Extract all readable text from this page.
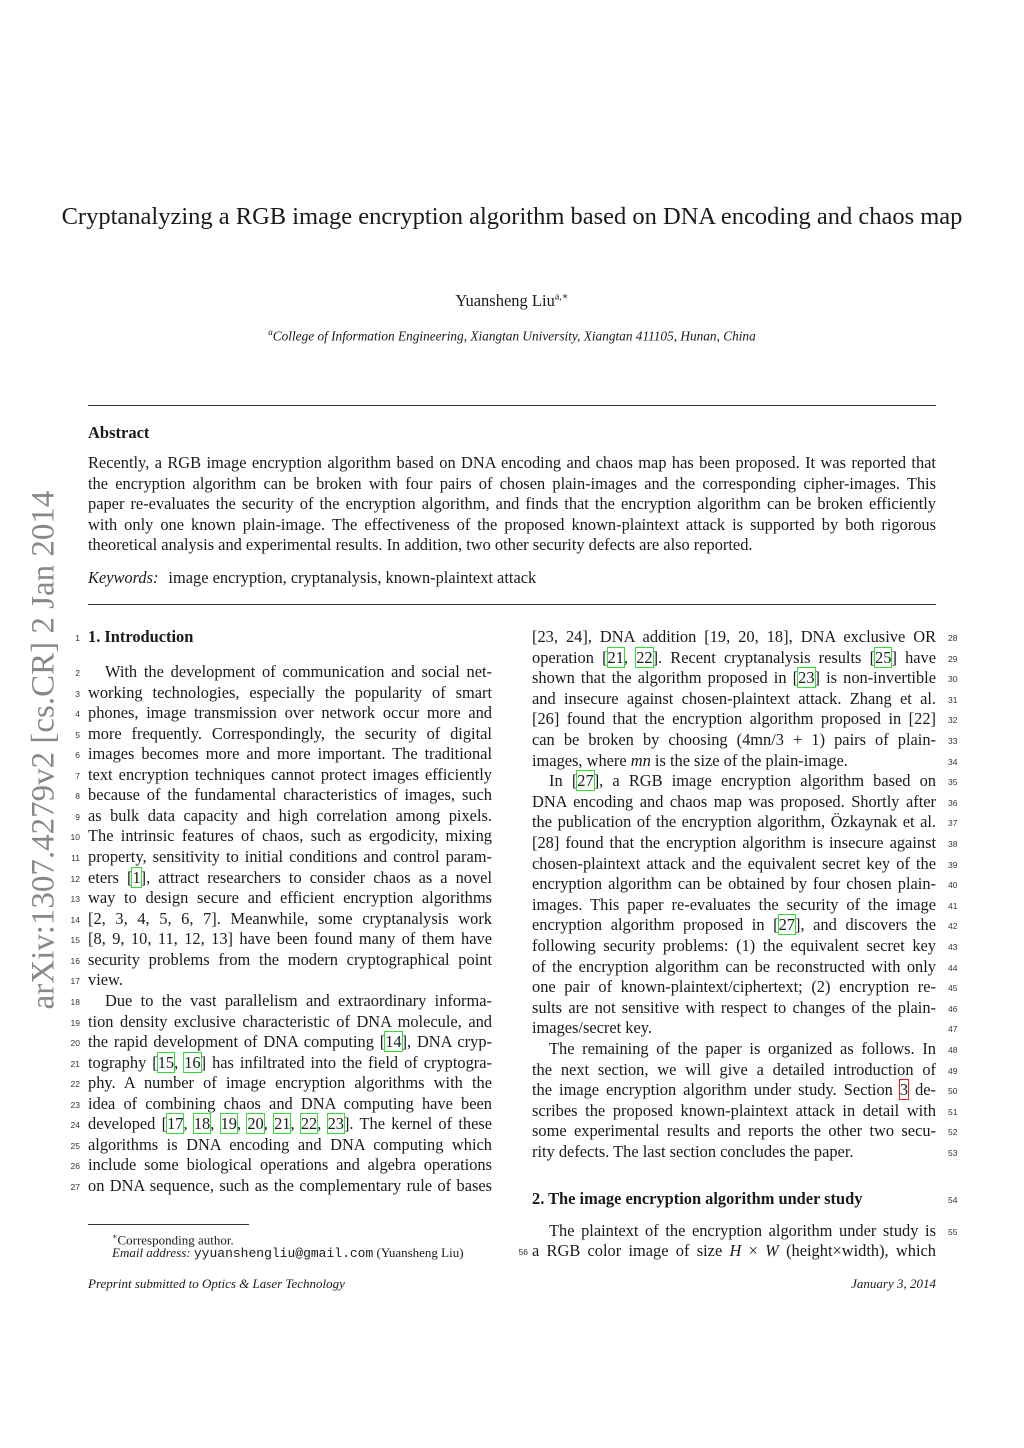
arXiv:1307.4279v2 [cs.CR] 2 Jan 2014
Cryptanalyzing a RGB image encryption algorithm based on DNA encoding and chaos map
Yuansheng Liu$^{a,∗}$
$^a$College of Information Engineering, Xiangtan University, Xiangtan 411105, Hunan, China
Abstract
Recently, a RGB image encryption algorithm based on DNA encoding and chaos map has been proposed. It was reported that
the encryption algorithm can be broken with four pairs of chosen plain-images and the corresponding cipher-images. This
paper re-evaluates the security of the encryption algorithm, and finds that the encryption algorithm can be broken efficiently
with only one known plain-image. The effectiveness of the proposed known-plaintext attack is supported by both rigorous
theoretical analysis and experimental results. In addition, two other security defects are also reported.
Keywords: image encryption, cryptanalysis, known-plaintext attack
1. Introduction
1
With the development of communication and social net-
2
working technologies, especially the popularity of smart
3
phones, image transmission over network occur more and
4
more frequently. Correspondingly, the security of digital
5
images becomes more and more important. The traditional
6
text encryption techniques cannot protect images efficiently
7
because of the fundamental characteristics of images, such
8
as bulk data capacity and high correlation among pixels.
9
The intrinsic features of chaos, such as ergodicity, mixing
10
property, sensitivity to initial conditions and control param-
11
eters [1], attract researchers to consider chaos as a novel
12
way to design secure and efficient encryption algorithms
13
[2, 3, 4, 5, 6, 7]. Meanwhile, some cryptanalysis work
14
[8, 9, 10, 11, 12, 13] have been found many of them have
15
security problems from the modern cryptographical point
16
view.
17
Due to the vast parallelism and extraordinary informa-
18
tion density exclusive characteristic of DNA molecule, and
19
the rapid development of DNA computing [14], DNA cryp-
20
tography [15, 16] has infiltrated into the field of cryptogra-
21
phy. A number of image encryption algorithms with the
22
idea of combining chaos and DNA computing have been
23
developed [17, 18, 19, 20, 21, 22, 23]. The kernel of these
24
algorithms is DNA encoding and DNA computing which
25
include some biological operations and algebra operations
26
on DNA sequence, such as the complementary rule of bases
27
[23, 24], DNA addition [19, 20, 18], DNA exclusive OR 28
operation [21, 22]. Recent cryptanalysis results [25] have 29
shown that the algorithm proposed in [23] is non-invertible 30
and insecure against chosen-plaintext attack. Zhang et al. 31
[26] found that the encryption algorithm proposed in [22] 32
can be broken by choosing (4mn/3 + 1) pairs of plain- 33
images, where mn is the size of the plain-image.	34
In [27], a RGB image encryption algorithm based on 35
DNA encoding and chaos map was proposed. Shortly after 36
the publication of the encryption algorithm, Özkaynak et al. 37
[28] found that the encryption algorithm is insecure against 38
chosen-plaintext attack and the equivalent secret key of the 39
encryption algorithm can be obtained by four chosen plain- 40
images. This paper re-evaluates the security of the image 41
encryption algorithm proposed in [27], and discovers the 42
following security problems: (1) the equivalent secret key 43
of the encryption algorithm can be reconstructed with only 44
one pair of known-plaintext/ciphertext; (2) encryption re- 45
sults are not sensitive with respect to changes of the plain- 46
images/secret key.	47
The remaining of the paper is organized as follows. In 48
the next section, we will give a detailed introduction of 49
the image encryption algorithm under study. Section 3 de- 50
scribes the proposed known-plaintext attack in detail with 51
some experimental results and reports the other two secu- 52
rity defects. The last section concludes the paper.	53
2. The image encryption algorithm under study	54
The plaintext of the encryption algorithm under study is 55
a RGB color image of size H × W (height×width), which
56
∗Corresponding author.
Email address: yyuanshengliu@gmail.com (Yuansheng Liu)
Preprint submitted to Optics & Laser Technology	January 3, 2014
